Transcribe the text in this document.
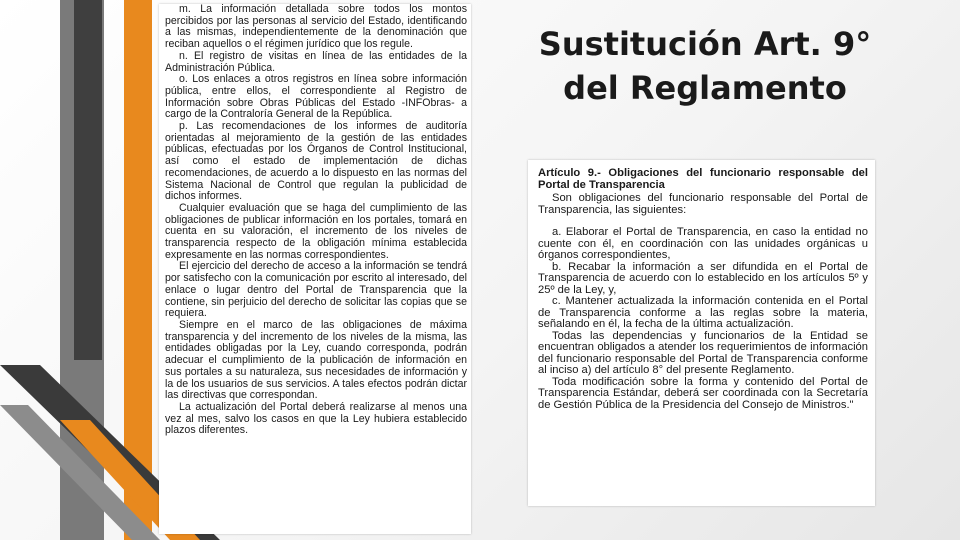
m. La información detallada sobre todos los montos percibidos por las personas al servicio del Estado, identificando a las mismas, independientemente de la denominación que reciban aquellos o el régimen jurídico que los regule.

n. El registro de visitas en línea de las entidades de la Administración Pública.

o. Los enlaces a otros registros en línea sobre información pública, entre ellos, el correspondiente al Registro de Información sobre Obras Públicas del Estado -INFObras- a cargo de la Contraloría General de la República.

p. Las recomendaciones de los informes de auditoría orientadas al mejoramiento de la gestión de las entidades públicas, efectuadas por los Órganos de Control Institucional, así como el estado de implementación de dichas recomendaciones, de acuerdo a lo dispuesto en las normas del Sistema Nacional de Control que regulan la publicidad de dichos informes.

Cualquier evaluación que se haga del cumplimiento de las obligaciones de publicar información en los portales, tomará en cuenta en su valoración, el incremento de los niveles de transparencia respecto de la obligación mínima establecida expresamente en las normas correspondientes.

El ejercicio del derecho de acceso a la información se tendrá por satisfecho con la comunicación por escrito al interesado, del enlace o lugar dentro del Portal de Transparencia que la contiene, sin perjuicio del derecho de solicitar las copias que se requiera.

Siempre en el marco de las obligaciones de máxima transparencia y del incremento de los niveles de la misma, las entidades obligadas por la Ley, cuando corresponda, podrán adecuar el cumplimiento de la publicación de información en sus portales a su naturaleza, sus necesidades de información y la de los usuarios de sus servicios. A tales efectos podrán dictar las directivas que correspondan.

La actualización del Portal deberá realizarse al menos una vez al mes, salvo los casos en que la Ley hubiera establecido plazos diferentes.

Sustitución Art. 9°
del Reglamento

Artículo 9.- Obligaciones del funcionario responsable del Portal de Transparencia

Son obligaciones del funcionario responsable del Portal de Transparencia, las siguientes:

a. Elaborar el Portal de Transparencia, en caso la entidad no cuente con él, en coordinación con las unidades orgánicas u órganos correspondientes,

b. Recabar la información a ser difundida en el Portal de Transparencia de acuerdo con lo establecido en los artículos 5º y 25º de la Ley, y,

c. Mantener actualizada la información contenida en el Portal de Transparencia conforme a las reglas sobre la materia, señalando en él, la fecha de la última actualización.

Todas las dependencias y funcionarios de la Entidad se encuentran obligados a atender los requerimientos de información del funcionario responsable del Portal de Transparencia conforme al inciso a) del artículo 8° del presente Reglamento.

Toda modificación sobre la forma y contenido del Portal de Transparencia Estándar, deberá ser coordinada con la Secretaría de Gestión Pública de la Presidencia del Consejo de Ministros."
